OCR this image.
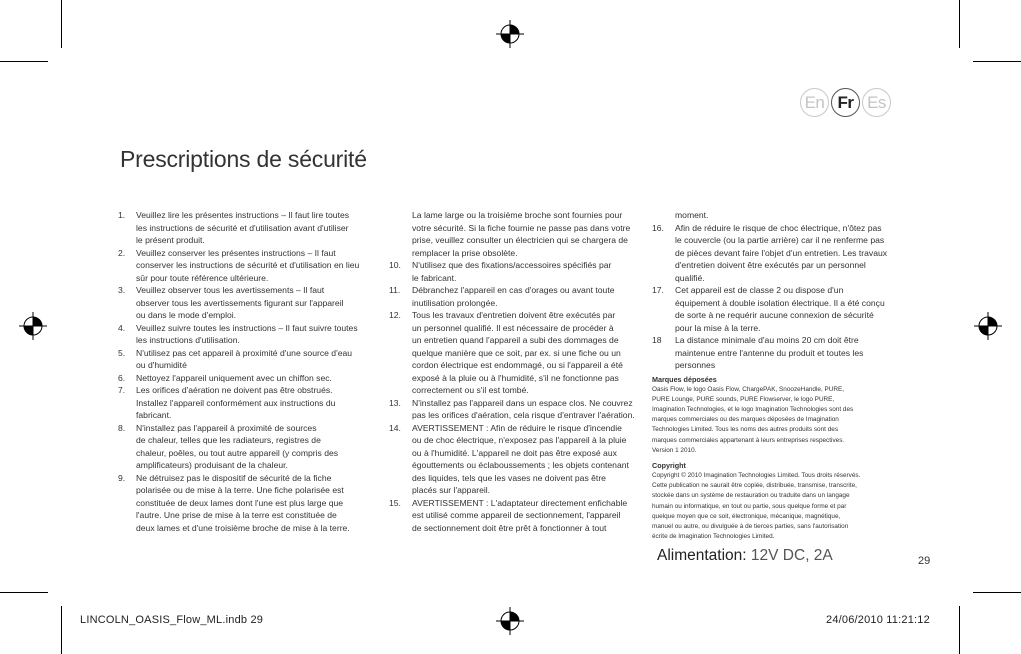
En Fr Es
Prescriptions de sécurité
1.	Veuillez lire les présentes instructions – Il faut lire toutes
les instructions de sécurité et d'utilisation avant d'utiliser
le présent produit.
2.	Veuillez conserver les présentes instructions – Il faut
conserver les instructions de sécurité et d'utilisation en lieu
sûr pour toute référence ultérieure.
3.	Veuillez observer tous les avertissements – Il faut
observer tous les avertissements figurant sur l'appareil
ou dans le mode d'emploi.
4.	Veuillez suivre toutes les instructions – Il faut suivre toutes
les instructions d'utilisation.
5.	N'utilisez pas cet appareil à proximité d'une source d'eau
ou d'humidité
6.	Nettoyez l'appareil uniquement avec un chiffon sec.
7.	Les orifices d'aération ne doivent pas être obstrués.
Installez l'appareil conformément aux instructions du
fabricant.
8.	N'installez pas l'appareil à proximité de sources
de chaleur, telles que les radiateurs, registres de
chaleur, poêles, ou tout autre appareil (y compris des
amplificateurs) produisant de la chaleur.
9.	Ne détruisez pas le dispositif de sécurité de la fiche
polarisée ou de mise à la terre. Une fiche polarisée est
constituée de deux lames dont l'une est plus large que
l'autre. Une prise de mise à la terre est constituée de
deux lames et d'une troisième broche de mise à la terre.
La lame large ou la troisième broche sont fournies pour
votre sécurité. Si la fiche fournie ne passe pas dans votre
prise, veuillez consulter un électricien qui se chargera de
remplacer la prise obsolète.
10.	N'utilisez que des fixations/accessoires spécifiés par
le fabricant.
11.	Débranchez l'appareil en cas d'orages ou avant toute
inutilisation prolongée.
12.	Tous les travaux d'entretien doivent être exécutés par
un personnel qualifié. Il est nécessaire de procéder à
un entretien quand l'appareil a subi des dommages de
quelque manière que ce soit, par ex. si une fiche ou un
cordon électrique est endommagé, ou si l'appareil a été
exposé à la pluie ou à l'humidité, s'il ne fonctionne pas
correctement ou s'il est tombé.
13.	N'installez pas l'appareil dans un espace clos. Ne couvrez
pas les orifices d'aération, cela risque d'entraver l'aération.
14.	AVERTISSEMENT : Afin de réduire le risque d'incendie
ou de choc électrique, n'exposez pas l'appareil à la pluie
ou à l'humidité. L'appareil ne doit pas être exposé aux
égouttements ou éclaboussements ; les objets contenant
des liquides, tels que les vases ne doivent pas être
placés sur l'appareil.
15.	AVERTISSEMENT : L'adaptateur directement enfichable
est utilisé comme appareil de sectionnement, l'appareil
de sectionnement doit être prêt à fonctionner à tout
moment.
16.	Afin de réduire le risque de choc électrique, n'ôtez pas
le couvercle (ou la partie arrière) car il ne renferme pas
de pièces devant faire l'objet d'un entretien. Les travaux
d'entretien doivent être exécutés par un personnel
qualifié.
17.	Cet appareil est de classe 2 ou dispose d'un
équipement à double isolation électrique. Il a été conçu
de sorte à ne requérir aucune connexion de sécurité
pour la mise à la terre.
18	La distance minimale d'au moins 20 cm doit être
maintenue entre l'antenne du produit et toutes les
personnes
Marques déposées
Oasis Flow, le logo Oasis Flow, ChargePAK, SnoozeHandle, PURE,
PURE Lounge, PURE sounds, PURE Flowserver, le logo PURE,
Imagination Technologies, et le logo Imagination Technologies sont des
marques commerciales ou des marques déposées de Imagination
Technologies Limited. Tous les noms des autres produits sont des
marques commerciales appartenant à leurs entreprises respectives.
Version 1 2010.
Copyright
Copyright © 2010 Imagination Technologies Limited. Tous droits réservés.
Cette publication ne saurait être copiée, distribuée, transmise, transcrite,
stockée dans un système de restauration ou traduite dans un langage
humain ou informatique, en tout ou partie, sous quelque forme et par
quelque moyen que ce soit, électronique, mécanique, magnétique,
manuel ou autre, ou divulguée à de tierces parties, sans l'autorisation
écrite de Imagination Technologies Limited.
Alimentation: 12V DC, 2A	29
LINCOLN_OASIS_Flow_ML.indb 29	24/06/2010 11:21:12
